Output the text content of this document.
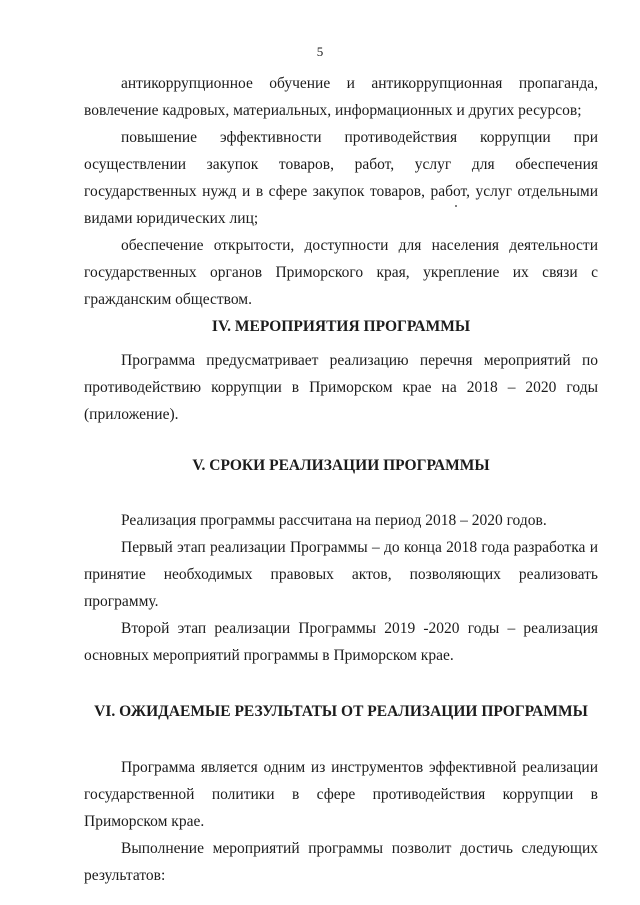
5

антикоррупционное обучение и антикоррупционная пропаганда, вовлечение кадровых, материальных, информационных и других ресурсов;

повышение эффективности противодействия коррупции при осуществлении закупок товаров, работ, услуг для обеспечения государственных нужд и в сфере закупок товаров, работ, услуг отдельными видами юридических лиц;

обеспечение открытости, доступности для населения деятельности государственных органов Приморского края, укрепление их связи с гражданским обществом.

IV. МЕРОПРИЯТИЯ ПРОГРАММЫ

Программа предусматривает реализацию перечня мероприятий по противодействию коррупции в Приморском крае на 2018 – 2020 годы (приложение).

V. СРОКИ РЕАЛИЗАЦИИ ПРОГРАММЫ

Реализация программы рассчитана на период 2018 – 2020 годов.

Первый этап реализации Программы – до конца 2018 года разработка и принятие необходимых правовых актов, позволяющих реализовать программу.

Второй этап реализации Программы 2019 -2020 годы – реализация основных мероприятий программы в Приморском крае.

VI. ОЖИДАЕМЫЕ РЕЗУЛЬТАТЫ ОТ РЕАЛИЗАЦИИ ПРОГРАММЫ

Программа является одним из инструментов эффективной реализации государственной политики в сфере противодействия коррупции в Приморском крае.

Выполнение мероприятий программы позволит достичь следующих результатов:
